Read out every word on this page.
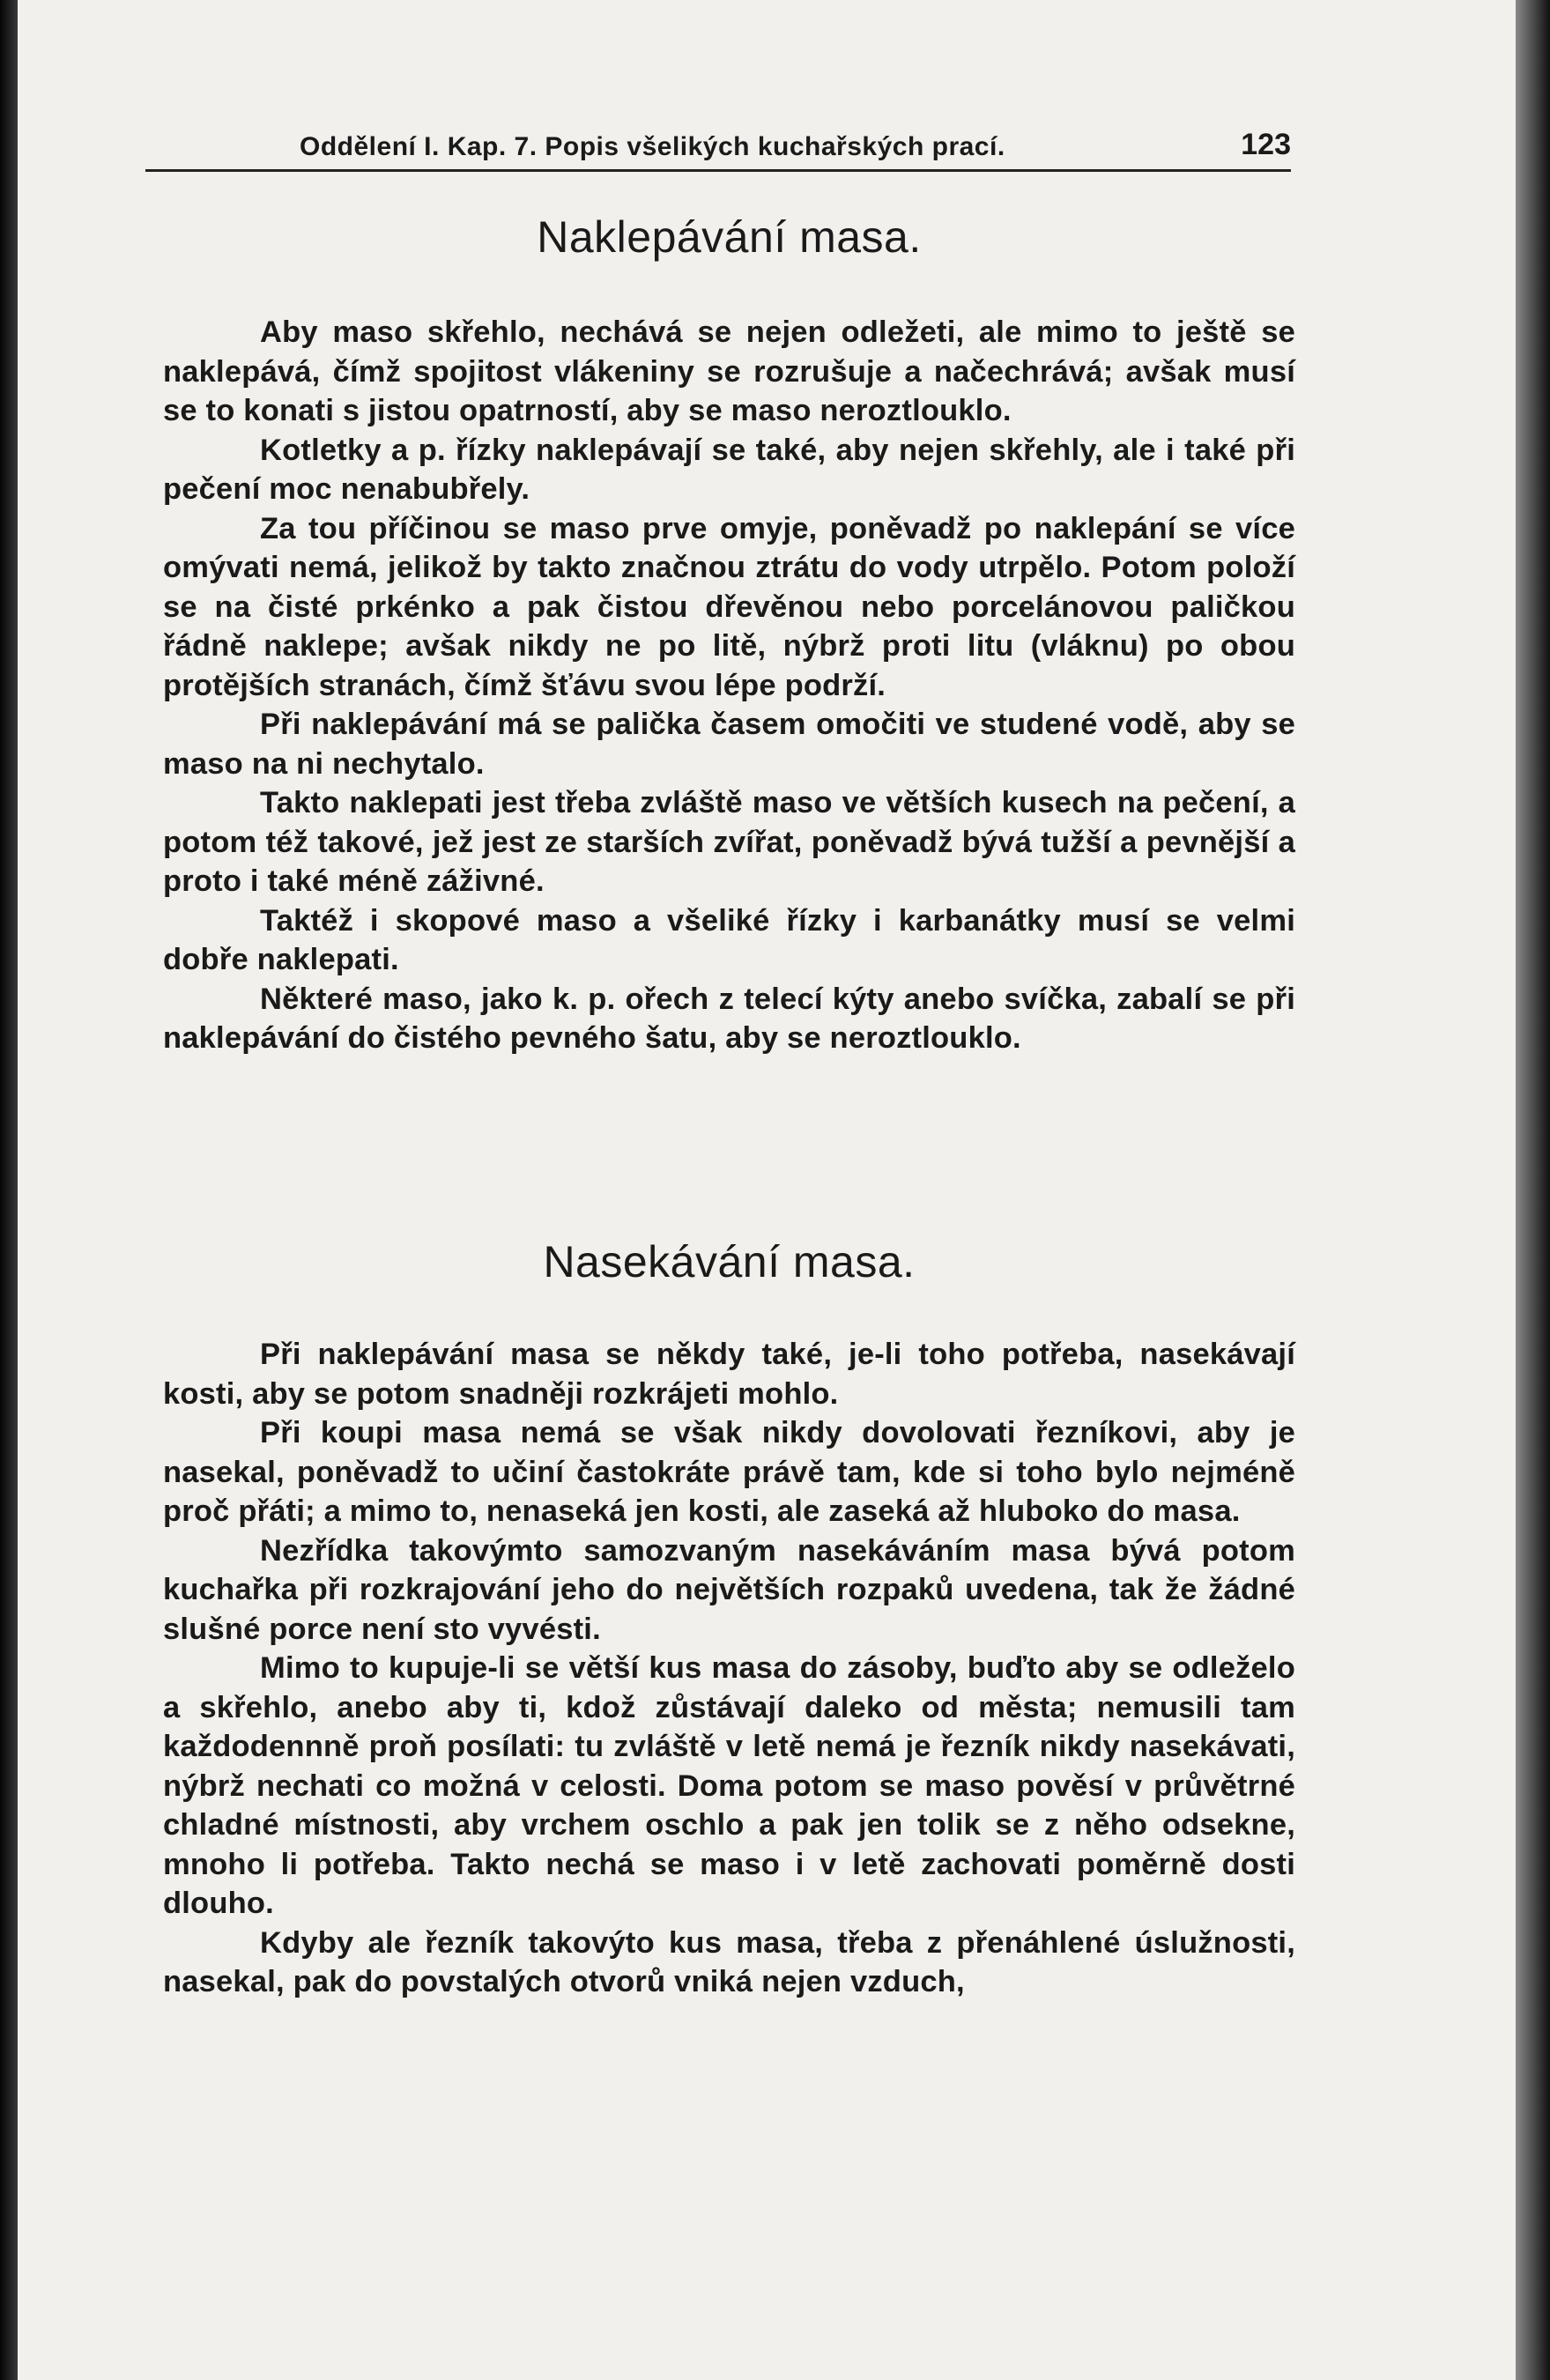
Oddělení I. Kap. 7. Popis všelikých kuchařských prací.	123
Naklepávání masa.

Aby maso skřehlo, nechává se nejen odležeti, ale mimo to ještě se naklepává, čímž spojitost vlákeniny se rozrušuje a načechrává; avšak musí se to konati s jistou opatrností, aby se maso neroztlouklo.

Kotletky a p. řízky naklepávají se také, aby nejen skřehly, ale i také při pečení moc nenabubřely.

Za tou příčinou se maso prve omyje, poněvadž po naklepání se více omývati nemá, jelikož by takto značnou ztrátu do vody utrpělo. Potom položí se na čisté prkénko a pak čistou dřevěnou nebo porcelánovou paličkou řádně naklepe; avšak nikdy ne po litě, nýbrž proti litu (vláknu) po obou protějších stranách, čímž šťávu svou lépe podrží.

Při naklepávání má se palička časem omočiti ve studené vodě, aby se maso na ni nechytalo.

Takto naklepati jest třeba zvláště maso ve větších kusech na pečení, a potom též takové, jež jest ze starších zvířat, poněvadž bývá tužší a pevnější a proto i také méně záživné.

Taktéž i skopové maso a všeliké řízky i karbanátky musí se velmi dobře naklepati.

Některé maso, jako k. p. ořech z telecí kýty anebo svíčka, zabalí se při naklepávání do čistého pevného šatu, aby se neroztlouklo.

Nasekávání masa.

Při naklepávání masa se někdy také, je-li toho potřeba, nasekávají kosti, aby se potom snadněji rozkrájeti mohlo.

Při koupi masa nemá se však nikdy dovolovati řezníkovi, aby je nasekal, poněvadž to učiní častokráte právě tam, kde si toho bylo nejméně proč přáti; a mimo to, nenaseká jen kosti, ale zaseká až hluboko do masa.

Nezřídka takovýmto samozvaným nasekáváním masa bývá potom kuchařka při rozkrajování jeho do největších rozpaků uvedena, tak že žádné slušné porce není sto vyvésti.

Mimo to kupuje-li se větší kus masa do zásoby, buďto aby se odleželo a skřehlo, anebo aby ti, kdož zůstávají daleko od města; nemusili tam každodennně proň posílati: tu zvláště v letě nemá je řezník nikdy nasekávati, nýbrž nechati co možná v celosti. Doma potom se maso pověsí v průvětrné chladné místnosti, aby vrchem oschlo a pak jen tolik se z něho odsekne, mnoho li potřeba. Takto nechá se maso i v letě zachovati poměrně dosti dlouho.

Kdyby ale řezník takovýto kus masa, třeba z přenáhlené úslužnosti, nasekal, pak do povstalých otvorů vniká nejen vzduch,
